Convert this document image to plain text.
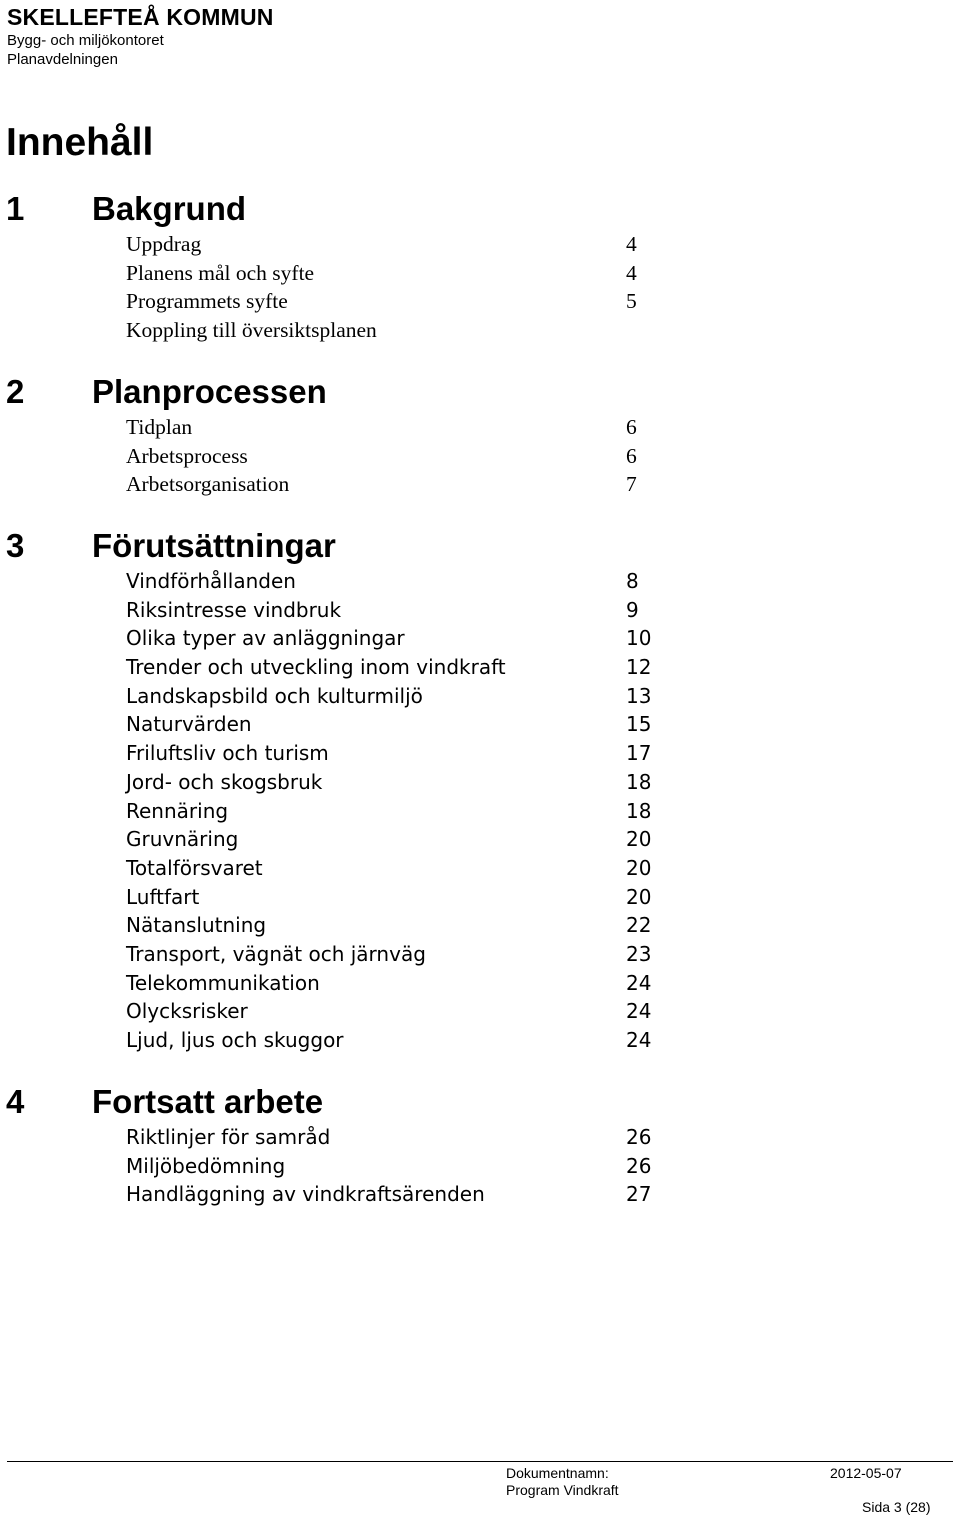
SKELLEFTEÅ KOMMUN
Bygg- och miljökontoret
Planavdelningen
Innehåll
1 Bakgrund
Uppdrag	4
Planens mål och syfte	4
Programmets syfte	5
Koppling till översiktsplanen
2 Planprocessen
Tidplan	6
Arbetsprocess	6
Arbetsorganisation	7
3 Förutsättningar
Vindförhållanden	8
Riksintresse vindbruk	9
Olika typer av anläggningar	10
Trender och utveckling inom vindkraft	12
Landskapsbild och kulturmiljö	13
Naturvärden	15
Friluftsliv och turism	17
Jord- och skogsbruk	18
Rennäring	18
Gruvnäring	20
Totalförsvaret	20
Luftfart	20
Nätanslutning	22
Transport, vägnät och järnväg	23
Telekommunikation	24
Olycksrisker	24
Ljud, ljus och skuggor	24
4 Fortsatt arbete
Riktlinjer för samråd	26
Miljöbedömning	26
Handläggning av vindkraftsärenden	27
Dokumentnamn:
Program Vindkraft
2012-05-07
Sida 3 (28)
